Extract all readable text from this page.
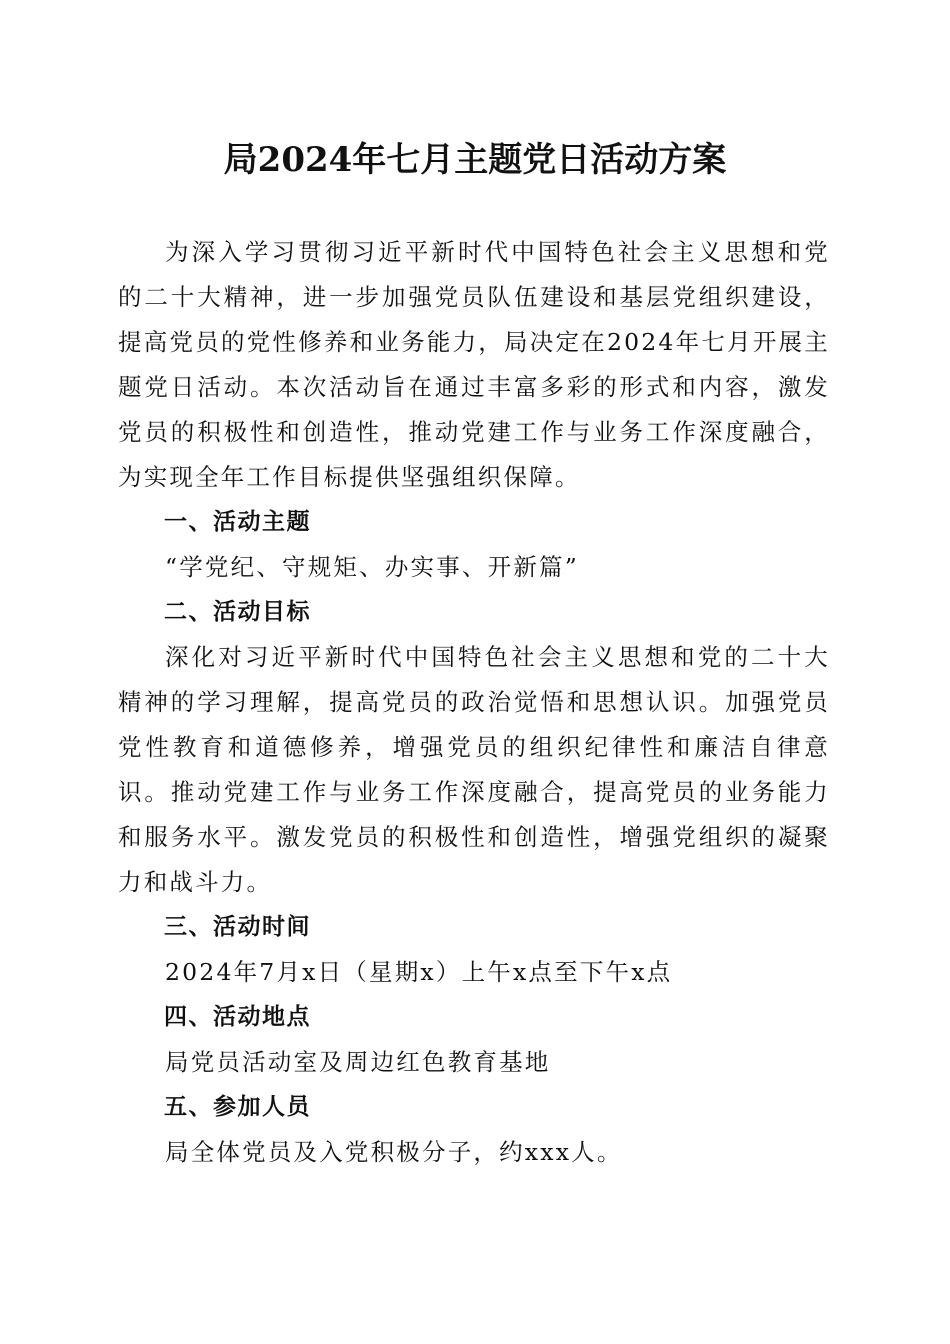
局2024年七月主题党日活动方案

为深入学习贯彻习近平新时代中国特色社会主义思想和党的二十大精神，进一步加强党员队伍建设和基层党组织建设，提高党员的党性修养和业务能力，局决定在2024年七月开展主题党日活动。本次活动旨在通过丰富多彩的形式和内容，激发党员的积极性和创造性，推动党建工作与业务工作深度融合，为实现全年工作目标提供坚强组织保障。

一、活动主题

“学党纪、守规矩、办实事、开新篇”

二、活动目标

深化对习近平新时代中国特色社会主义思想和党的二十大精神的学习理解，提高党员的政治觉悟和思想认识。加强党员党性教育和道德修养，增强党员的组织纪律性和廉洁自律意识。推动党建工作与业务工作深度融合，提高党员的业务能力和服务水平。激发党员的积极性和创造性，增强党组织的凝聚力和战斗力。

三、活动时间

2024年7月x日（星期x）上午x点至下午x点

四、活动地点

局党员活动室及周边红色教育基地

五、参加人员

局全体党员及入党积极分子，约xxx人。
